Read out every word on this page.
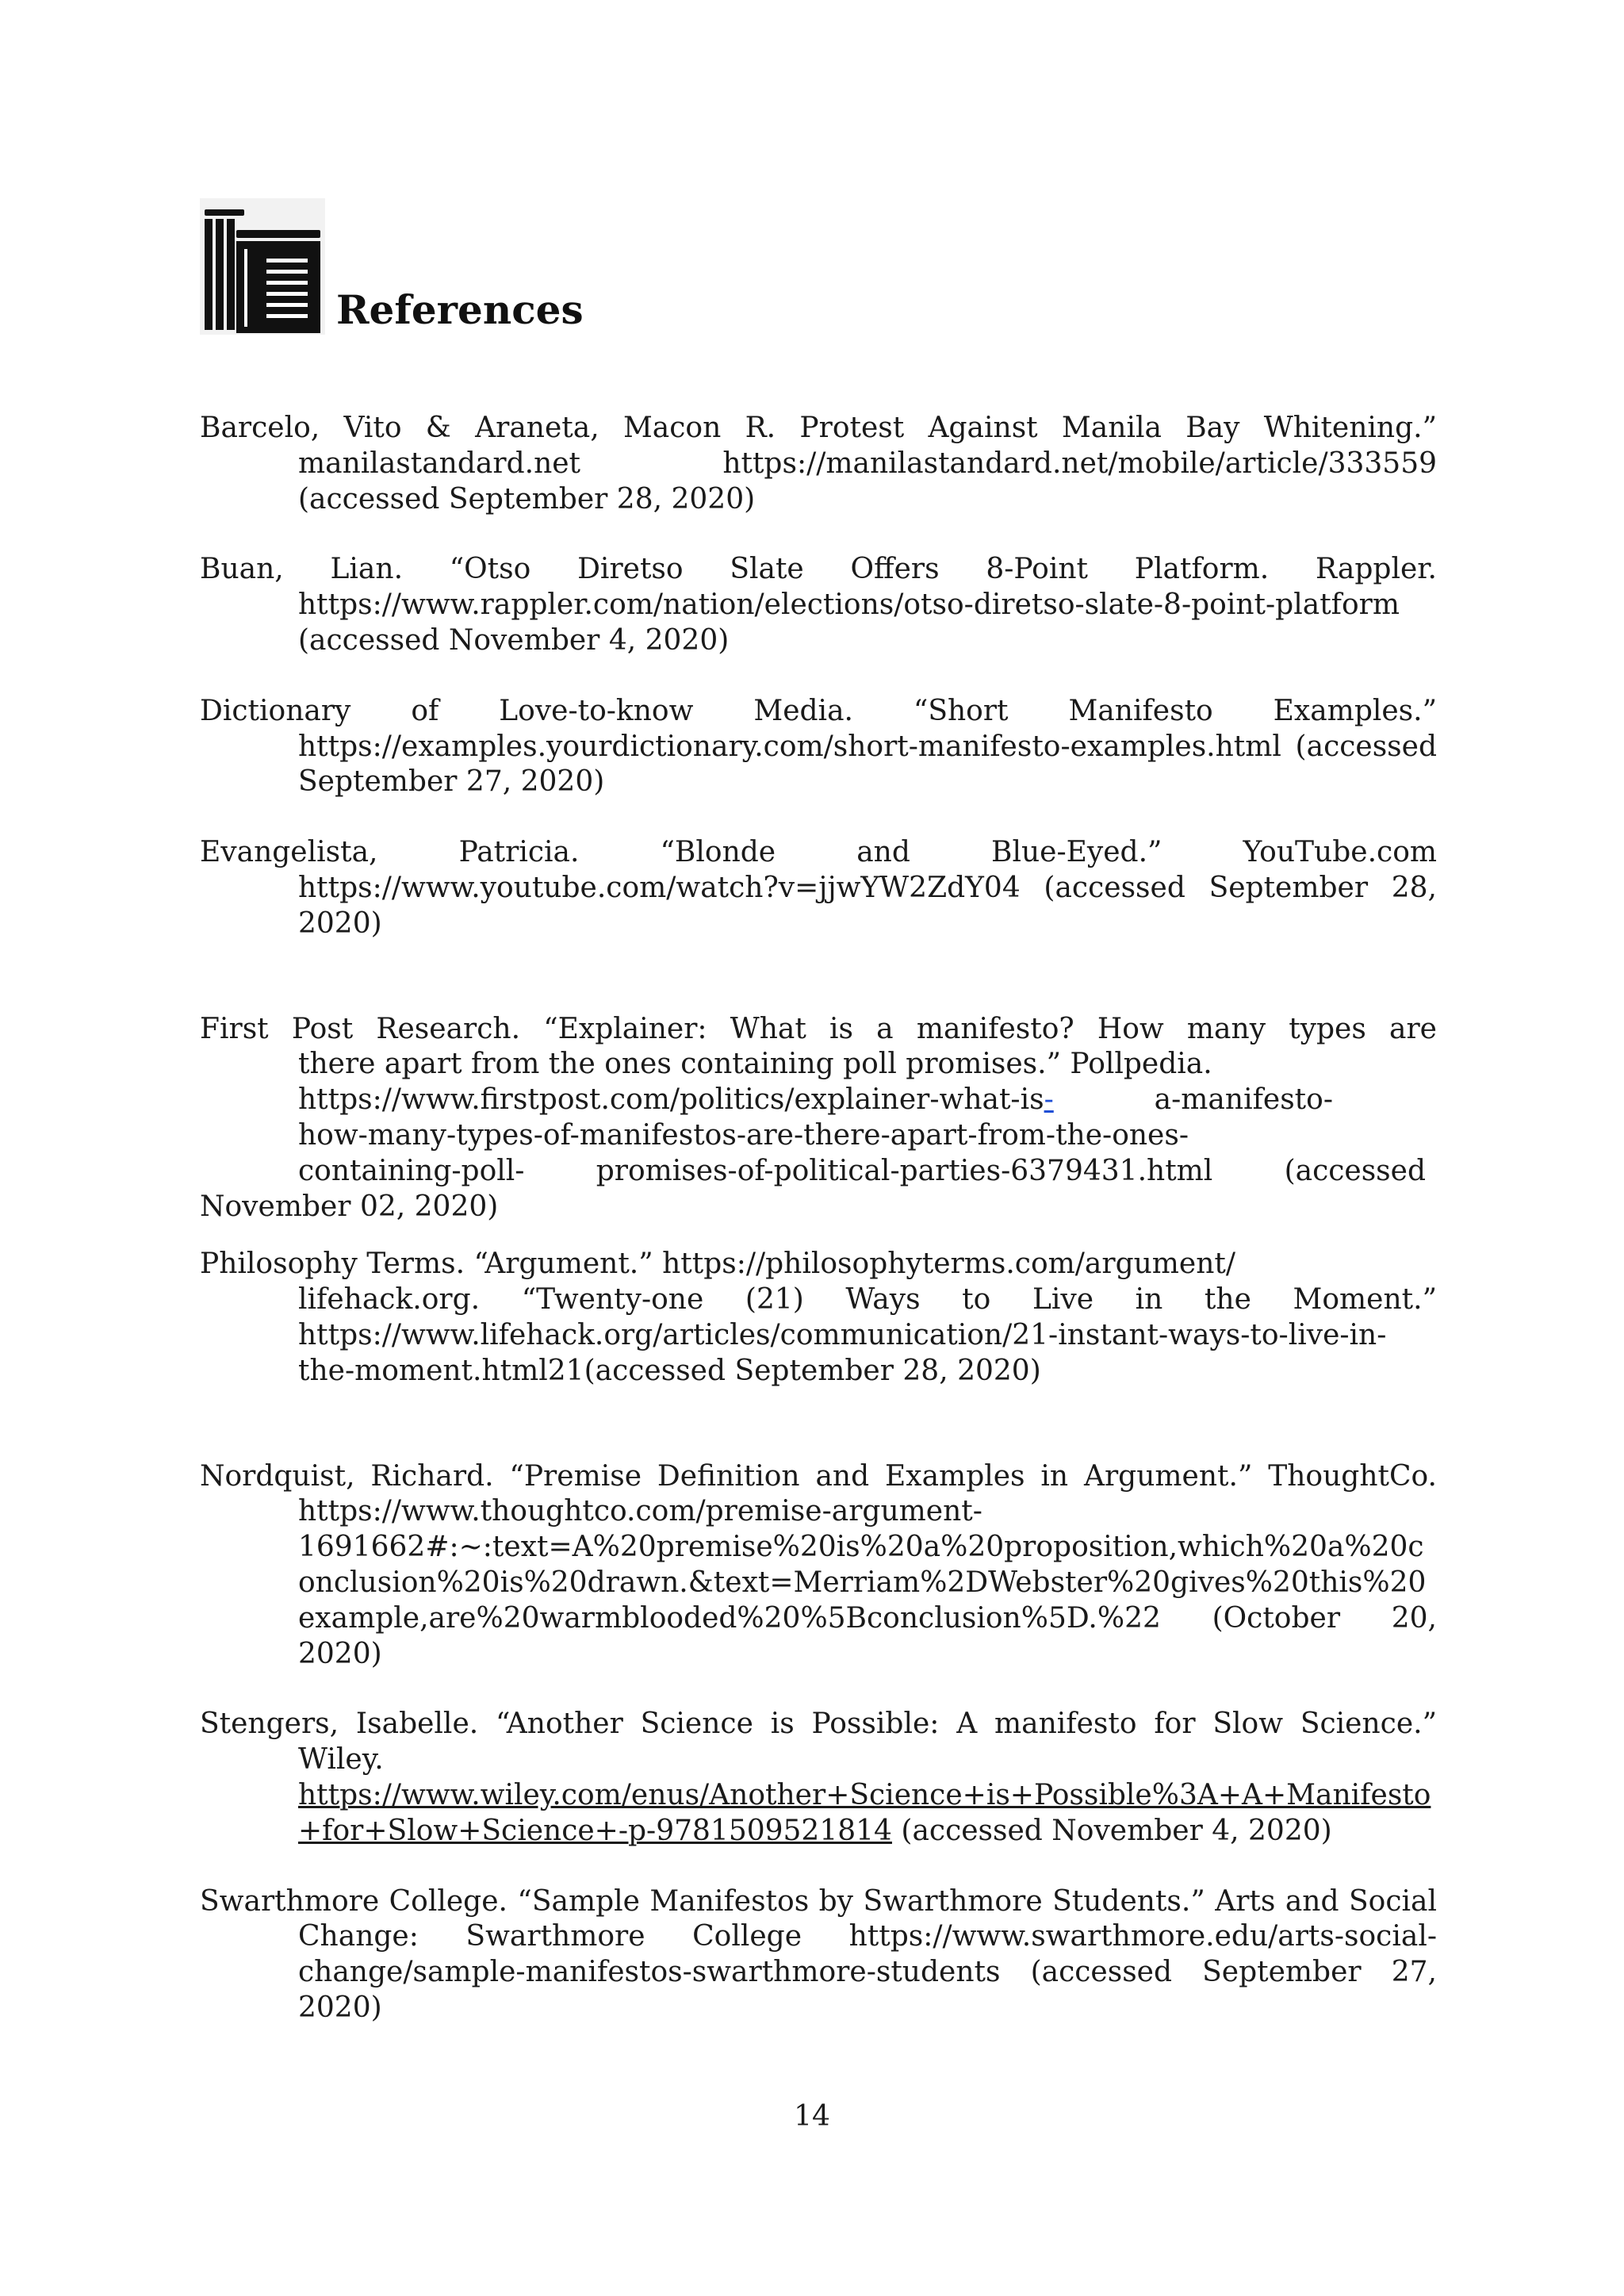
References

Barcelo, Vito & Araneta, Macon R. Protest Against Manila Bay Whitening.” manilastandard.net https://manilastandard.net/mobile/article/333559 (accessed September 28, 2020)

Buan, Lian. “Otso Diretso Slate Offers 8-Point Platform. Rappler. https://www.rappler.com/nation/elections/otso-diretso-slate-8-point-platform (accessed November 4, 2020)

Dictionary of Love-to-know Media. “Short Manifesto Examples.” https://examples.yourdictionary.com/short-manifesto-examples.html (accessed September 27, 2020)

Evangelista, Patricia. “Blonde and Blue-Eyed.” YouTube.com https://www.youtube.com/watch?v=jjwYW2ZdY04 (accessed September 28, 2020)

First Post Research. “Explainer: What is a manifesto? How many types are
there apart from the ones containing poll promises.” Pollpedia.
https://www.firstpost.com/politics/explainer-what-is-	a-manifesto-
how-many-types-of-manifestos-are-there-apart-from-the-ones-
containing-poll-	promises-of-political-parties-6379431.html	(accessed
November 02, 2020)

Philosophy Terms. “Argument.” https://philosophyterms.com/argument/
lifehack.org. “Twenty-one (21) Ways to Live in the Moment.” https://www.lifehack.org/articles/communication/21-instant-ways-to-live-in-the-moment.html21(accessed September 28, 2020)

Nordquist, Richard. “Premise Definition and Examples in Argument.” ThoughtCo. https://www.thoughtco.com/premise-argument-1691662#:~:text=A%20premise%20is%20a%20proposition,which%20a%20conclusion%20is%20drawn.&text=Merriam%2DWebster%20gives%20this%20example,are%20warmblooded%20%5Bconclusion%5D.%22 (October 20, 2020)

Stengers, Isabelle. “Another Science is Possible: A manifesto for Slow Science.” Wiley. https://www.wiley.com/enus/Another+Science+is+Possible%3A+A+Manifesto+for+Slow+Science+-p-9781509521814 (accessed November 4, 2020)

Swarthmore College. “Sample Manifestos by Swarthmore Students.” Arts and Social Change: Swarthmore College https://www.swarthmore.edu/arts-social-change/sample-manifestos-swarthmore-students (accessed September 27, 2020)

14
